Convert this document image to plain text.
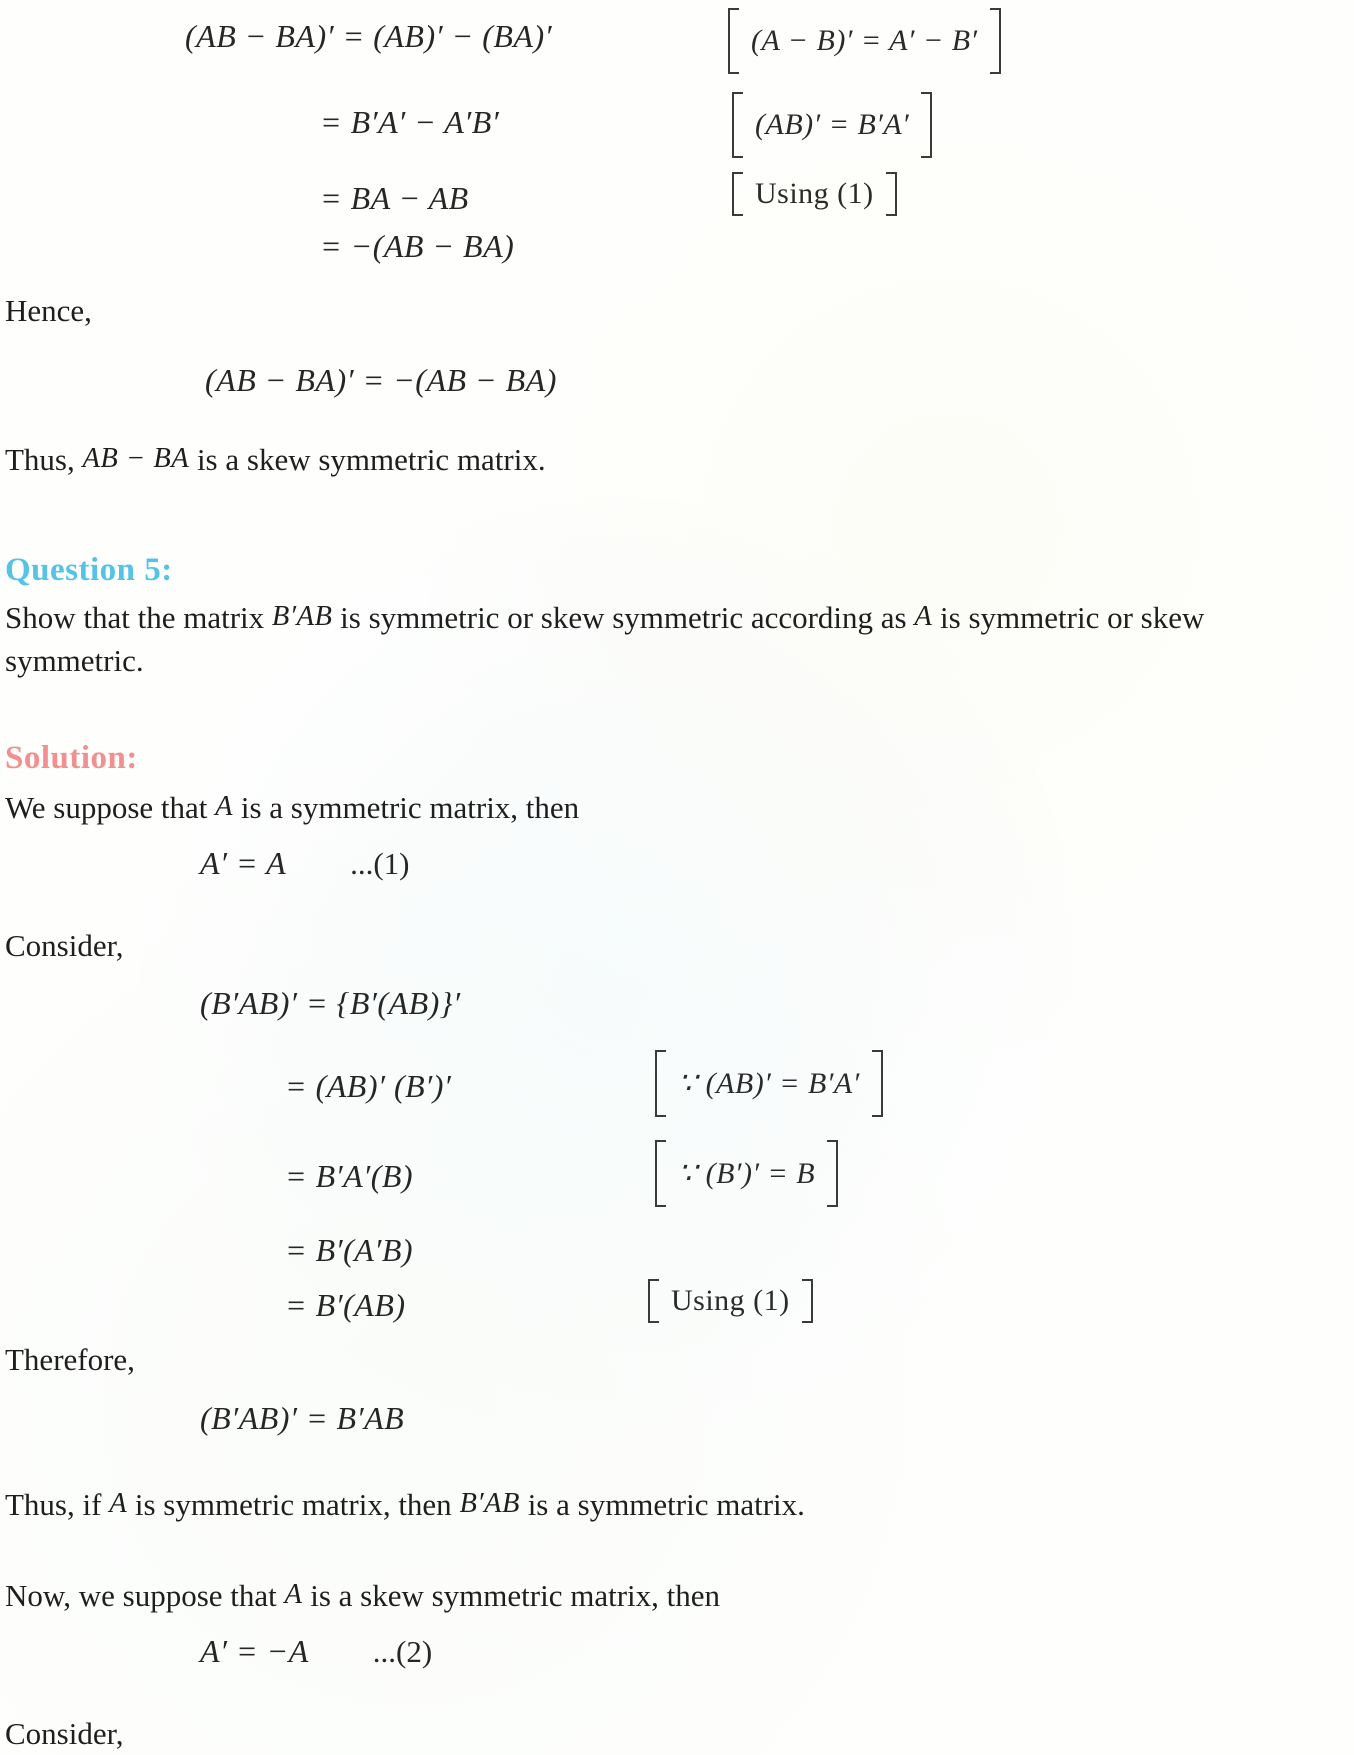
(AB − BA)′ = (AB)′ − (BA)′	(A − B)′ = A′ − B′
= B′A′ − A′B′	(AB)′ = B′A′
= BA − AB	Using (1)
= −(AB − BA)
Hence,
(AB − BA)′ = −(AB − BA)
Thus, AB − BA is a skew symmetric matrix.
Question 5:
Show that the matrix B′AB is symmetric or skew symmetric according as A is symmetric or skew symmetric.
Solution:
We suppose that A is a symmetric matrix, then
A′ = A ...(1)
Consider,
(B′AB)′ = {B′(AB)}′
= (AB)′ (B′)′	∵ (AB)′ = B′A′
= B′A′(B)	∵ (B′)′ = B
= B′(A′B)
= B′(AB)	Using (1)
Therefore,
(B′AB)′ = B′AB
Thus, if A is symmetric matrix, then B′AB is a symmetric matrix.
Now, we suppose that A is a skew symmetric matrix, then
A′ = −A ...(2)
Consider,
